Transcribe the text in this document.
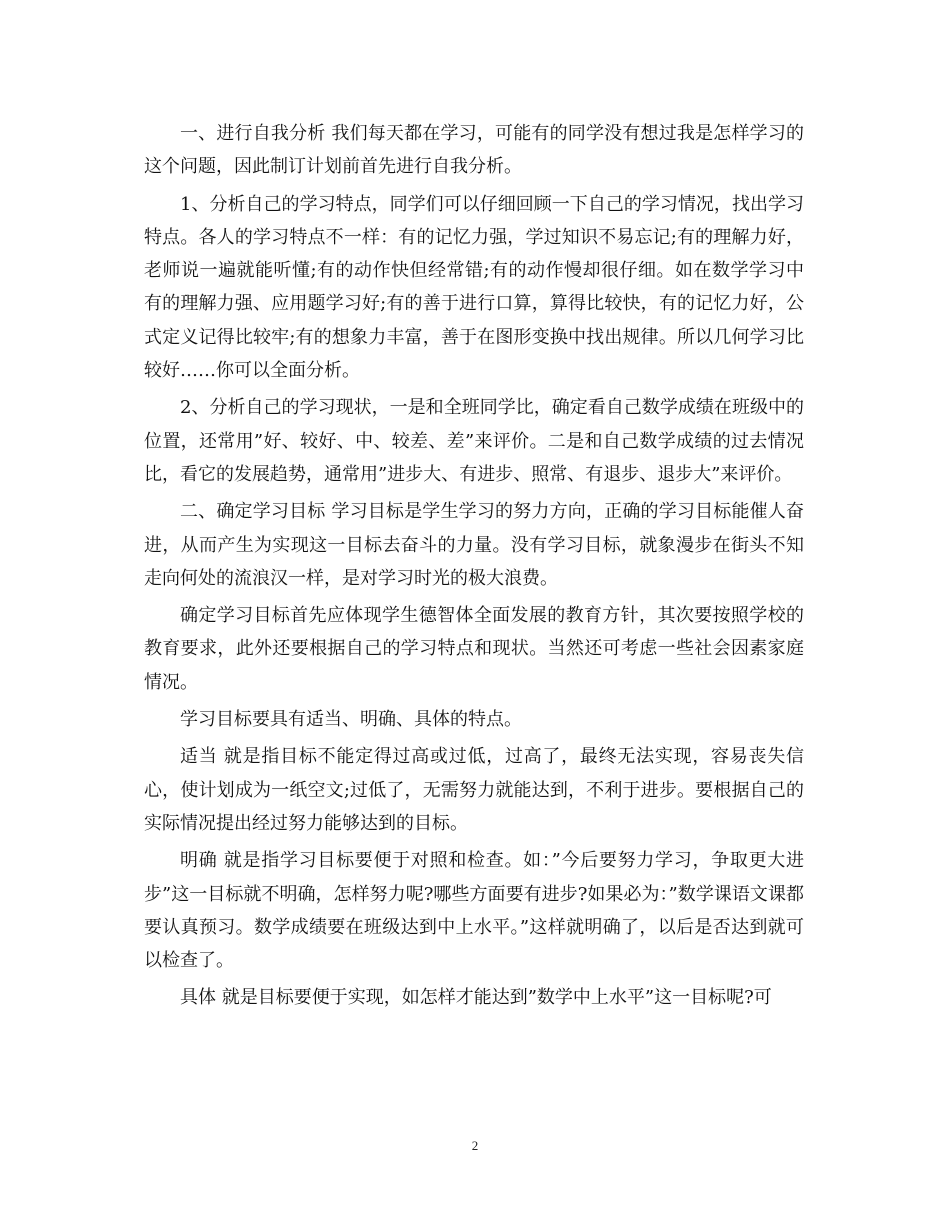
一、进行自我分析 我们每天都在学习，可能有的同学没有想过我是怎样学习的这个问题，因此制订计划前首先进行自我分析。

1、分析自己的学习特点，同学们可以仔细回顾一下自己的学习情况，找出学习特点。各人的学习特点不一样：有的记忆力强，学过知识不易忘记;有的理解力好，老师说一遍就能听懂;有的动作快但经常错;有的动作慢却很仔细。如在数学学习中有的理解力强、应用题学习好;有的善于进行口算，算得比较快，有的记忆力好，公式定义记得比较牢;有的想象力丰富，善于在图形变换中找出规律。所以几何学习比较好……你可以全面分析。

2、分析自己的学习现状，一是和全班同学比，确定看自己数学成绩在班级中的位置，还常用”好、较好、中、较差、差”来评价。二是和自己数学成绩的过去情况比，看它的发展趋势，通常用”进步大、有进步、照常、有退步、退步大”来评价。

二、确定学习目标 学习目标是学生学习的努力方向，正确的学习目标能催人奋进，从而产生为实现这一目标去奋斗的力量。没有学习目标，就象漫步在街头不知走向何处的流浪汉一样，是对学习时光的极大浪费。

确定学习目标首先应体现学生德智体全面发展的教育方针，其次要按照学校的教育要求，此外还要根据自己的学习特点和现状。当然还可考虑一些社会因素家庭情况。

学习目标要具有适当、明确、具体的特点。

适当 就是指目标不能定得过高或过低，过高了，最终无法实现，容易丧失信心，使计划成为一纸空文;过低了，无需努力就能达到，不利于进步。要根据自己的实际情况提出经过努力能够达到的目标。

明确 就是指学习目标要便于对照和检查。如：”今后要努力学习，争取更大进步”这一目标就不明确，怎样努力呢?哪些方面要有进步?如果必为：”数学课语文课都要认真预习。数学成绩要在班级达到中上水平。”这样就明确了，以后是否达到就可以检查了。

具体 就是目标要便于实现，如怎样才能达到”数学中上水平”这一目标呢?可

2
